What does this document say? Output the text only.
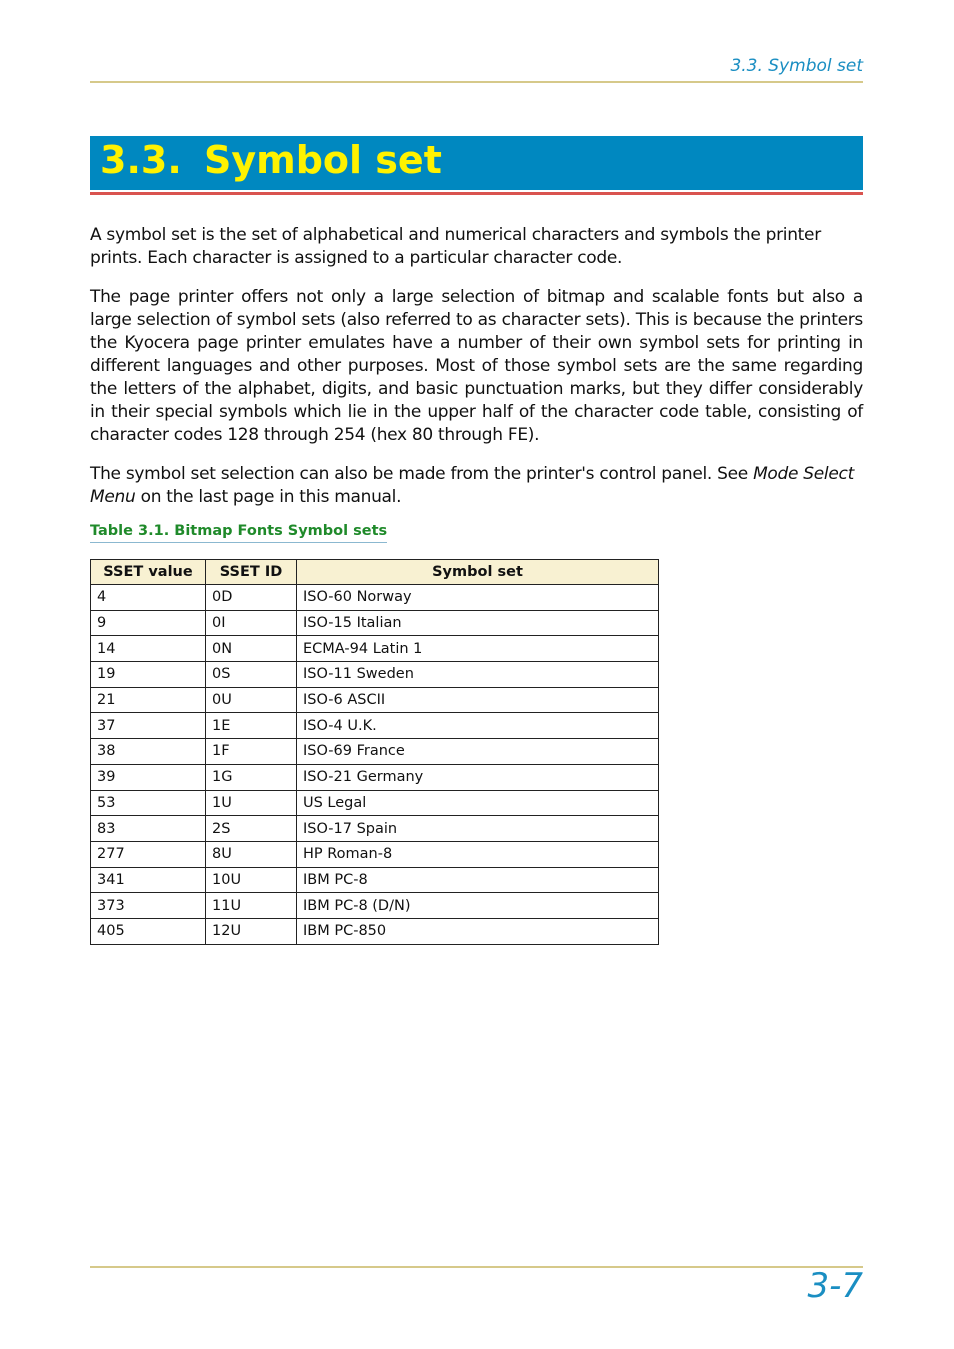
3.3. Symbol set
3.3. Symbol set

A symbol set is the set of alphabetical and numerical characters and symbols the printer prints. Each character is assigned to a particular character code.

The page printer offers not only a large selection of bitmap and scalable fonts but also a large selection of symbol sets (also referred to as character sets). This is because the printers the Kyocera page printer emulates have a number of their own symbol sets for printing in different languages and other purposes. Most of those symbol sets are the same regarding the letters of the alphabet, digits, and basic punctuation marks, but they differ considerably in their special symbols which lie in the upper half of the character code table, consisting of character codes 128 through 254 (hex 80 through FE).

The symbol set selection can also be made from the printer's control panel. See Mode Select Menu on the last page in this manual.

Table 3.1. Bitmap Fonts Symbol sets
SSET value	SSET ID	Symbol set
4	0D	ISO-60 Norway
9	0I	ISO-15 Italian
14	0N	ECMA-94 Latin 1
19	0S	ISO-11 Sweden
21	0U	ISO-6 ASCII
37	1E	ISO-4 U.K.
38	1F	ISO-69 France
39	1G	ISO-21 Germany
53	1U	US Legal
83	2S	ISO-17 Spain
277	8U	HP Roman-8
341	10U	IBM PC-8
373	11U	IBM PC-8 (D/N)
405	12U	IBM PC-850
3-7
